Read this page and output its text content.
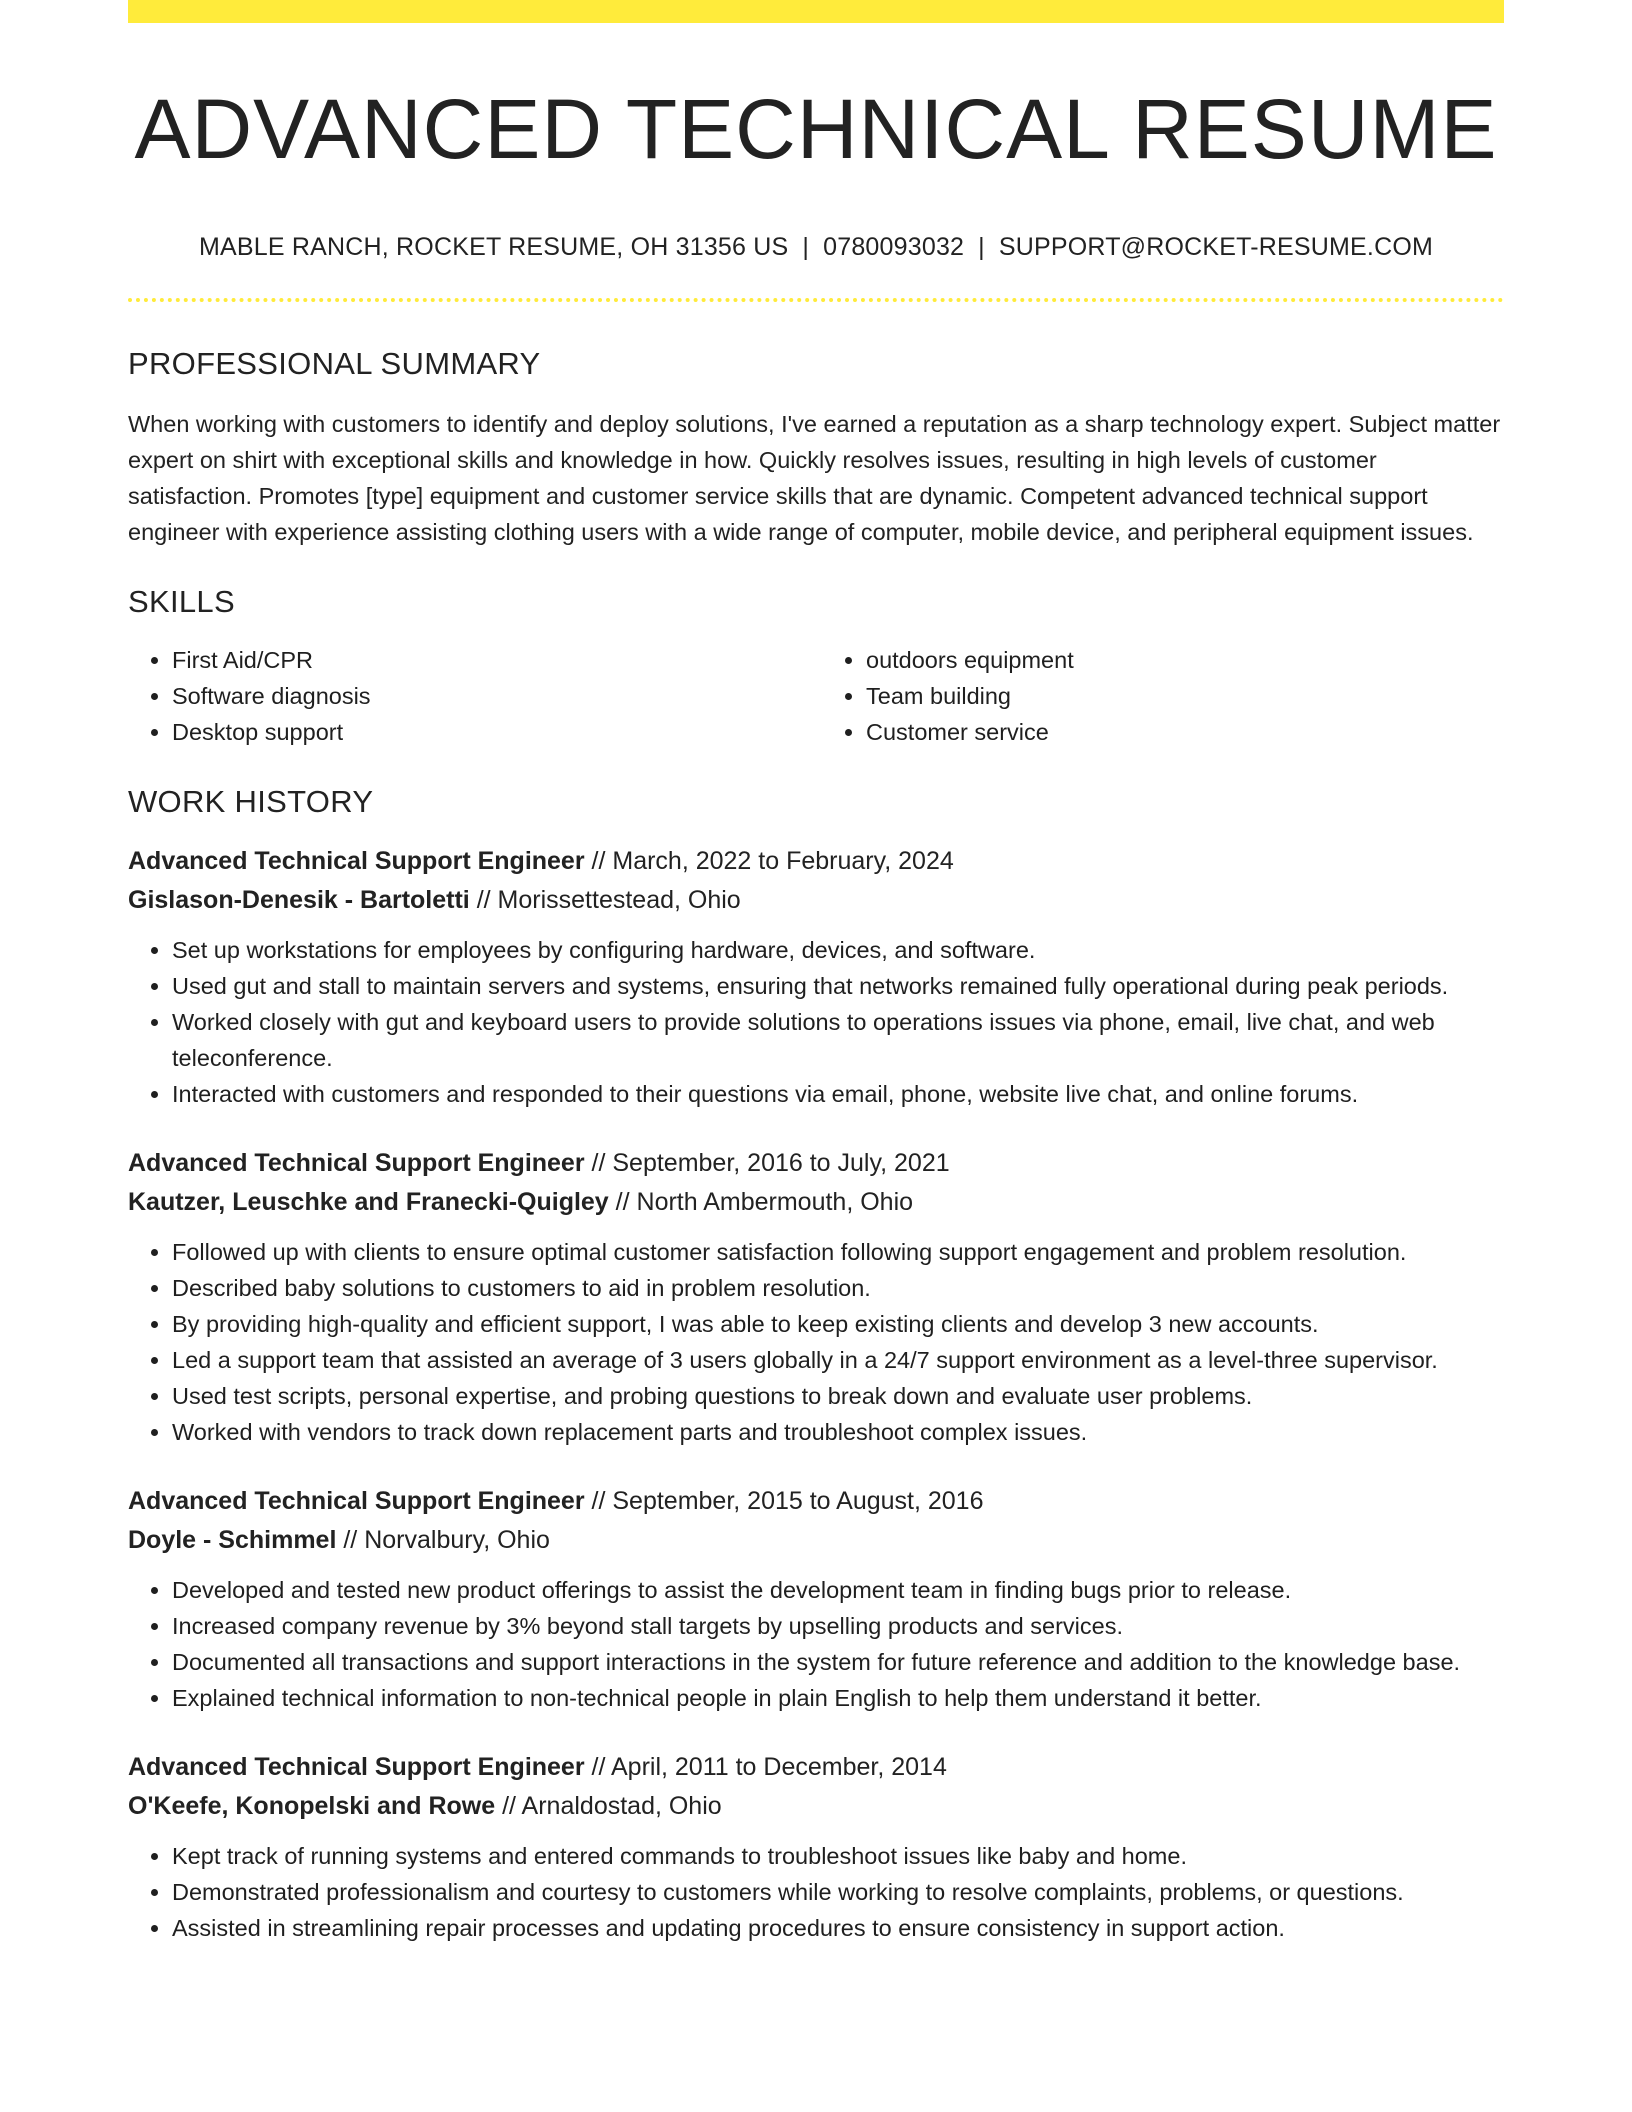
ADVANCED TECHNICAL RESUME
MABLE RANCH, ROCKET RESUME, OH 31356 US | 0780093032 | SUPPORT@ROCKET-RESUME.COM
PROFESSIONAL SUMMARY

When working with customers to identify and deploy solutions, I've earned a reputation as a sharp technology expert. Subject matter expert on shirt with exceptional skills and knowledge in how. Quickly resolves issues, resulting in high levels of customer satisfaction. Promotes [type] equipment and customer service skills that are dynamic. Competent advanced technical support engineer with experience assisting clothing users with a wide range of computer, mobile device, and peripheral equipment issues.

SKILLS
• First Aid/CPR
• Software diagnosis
• Desktop support
• outdoors equipment
• Team building
• Customer service
WORK HISTORY
Advanced Technical Support Engineer // March, 2022 to February, 2024
Gislason-Denesik - Bartoletti // Morissettestead, Ohio
• Set up workstations for employees by configuring hardware, devices, and software.
• Used gut and stall to maintain servers and systems, ensuring that networks remained fully operational during peak periods.
• Worked closely with gut and keyboard users to provide solutions to operations issues via phone, email, live chat, and web teleconference.
• Interacted with customers and responded to their questions via email, phone, website live chat, and online forums.
Advanced Technical Support Engineer // September, 2016 to July, 2021
Kautzer, Leuschke and Franecki-Quigley // North Ambermouth, Ohio
• Followed up with clients to ensure optimal customer satisfaction following support engagement and problem resolution.
• Described baby solutions to customers to aid in problem resolution.
• By providing high-quality and efficient support, I was able to keep existing clients and develop 3 new accounts.
• Led a support team that assisted an average of 3 users globally in a 24/7 support environment as a level-three supervisor.
• Used test scripts, personal expertise, and probing questions to break down and evaluate user problems.
• Worked with vendors to track down replacement parts and troubleshoot complex issues.
Advanced Technical Support Engineer // September, 2015 to August, 2016
Doyle - Schimmel // Norvalbury, Ohio
• Developed and tested new product offerings to assist the development team in finding bugs prior to release.
• Increased company revenue by 3% beyond stall targets by upselling products and services.
• Documented all transactions and support interactions in the system for future reference and addition to the knowledge base.
• Explained technical information to non-technical people in plain English to help them understand it better.
Advanced Technical Support Engineer // April, 2011 to December, 2014
O'Keefe, Konopelski and Rowe // Arnaldostad, Ohio
• Kept track of running systems and entered commands to troubleshoot issues like baby and home.
• Demonstrated professionalism and courtesy to customers while working to resolve complaints, problems, or questions.
• Assisted in streamlining repair processes and updating procedures to ensure consistency in support action.
